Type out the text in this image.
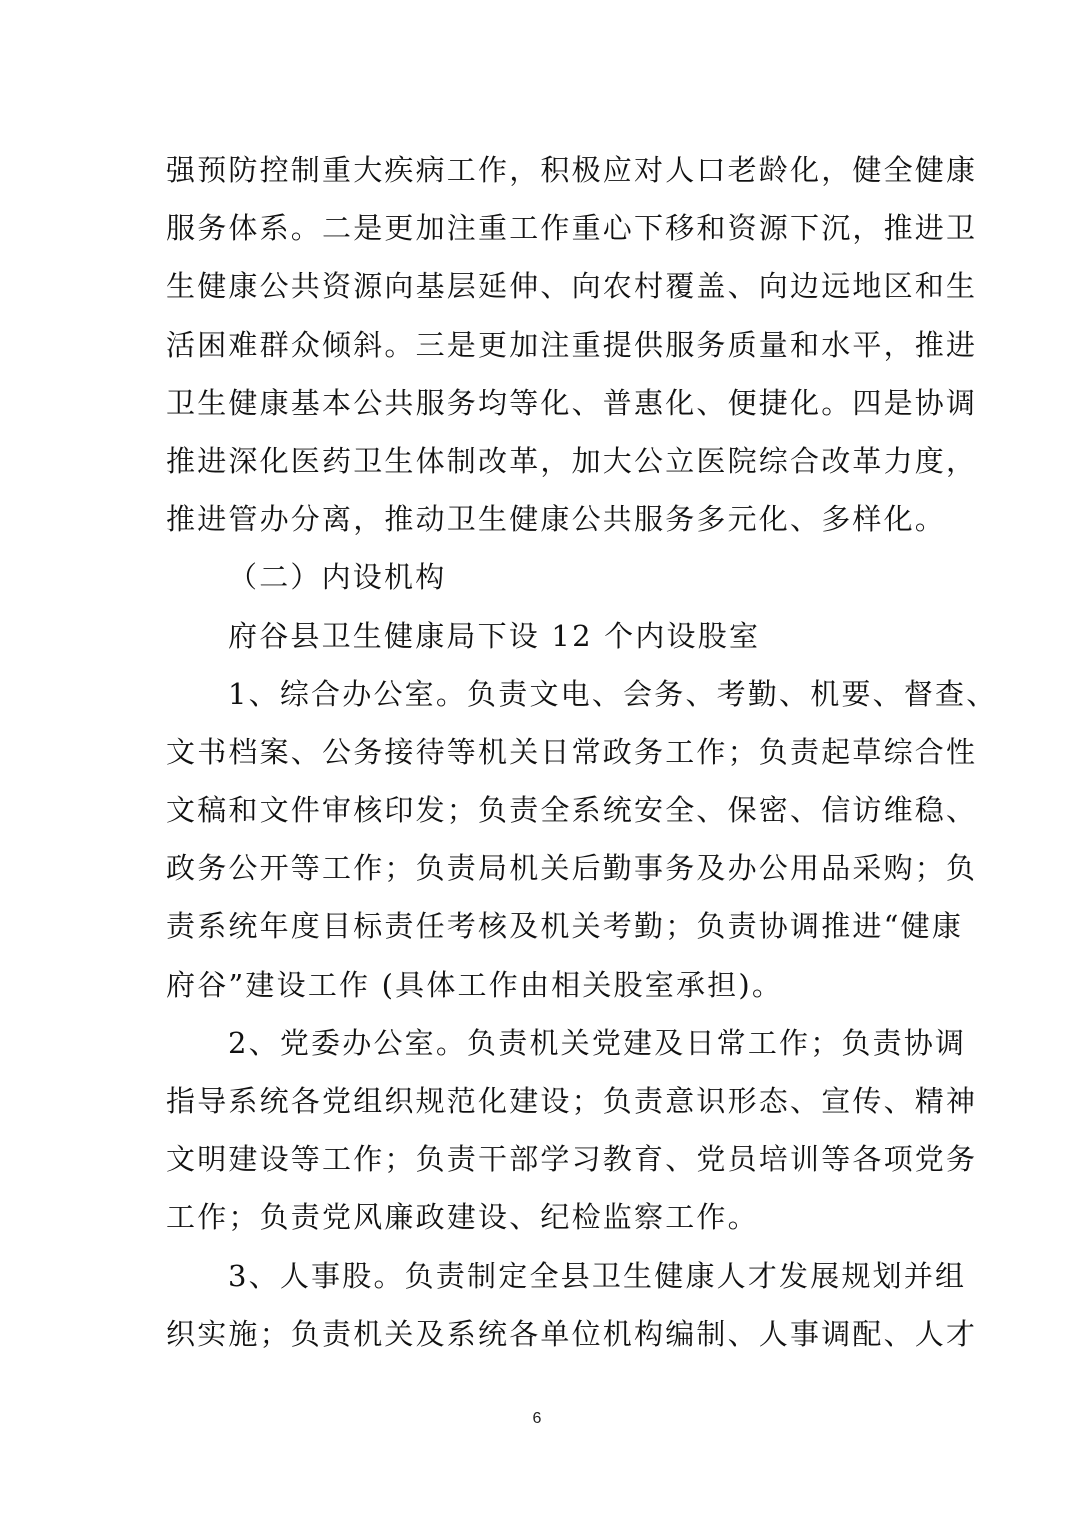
强预防控制重大疾病工作，积极应对人口老龄化，健全健康
服务体系。二是更加注重工作重心下移和资源下沉，推进卫
生健康公共资源向基层延伸、向农村覆盖、向边远地区和生
活困难群众倾斜。三是更加注重提供服务质量和水平，推进
卫生健康基本公共服务均等化、普惠化、便捷化。四是协调
推进深化医药卫生体制改革，加大公立医院综合改革力度，
推进管办分离，推动卫生健康公共服务多元化、多样化。
（二）内设机构
府谷县卫生健康局下设 12 个内设股室
1、综合办公室。负责文电、会务、考勤、机要、督查、
文书档案、公务接待等机关日常政务工作；负责起草综合性
文稿和文件审核印发；负责全系统安全、保密、信访维稳、
政务公开等工作；负责局机关后勤事务及办公用品采购；负
责系统年度目标责任考核及机关考勤；负责协调推进“健康
府谷”建设工作 (具体工作由相关股室承担)。
2、党委办公室。负责机关党建及日常工作；负责协调
指导系统各党组织规范化建设；负责意识形态、宣传、精神
文明建设等工作；负责干部学习教育、党员培训等各项党务
工作；负责党风廉政建设、纪检监察工作。
3、人事股。负责制定全县卫生健康人才发展规划并组
织实施；负责机关及系统各单位机构编制、人事调配、人才
6
